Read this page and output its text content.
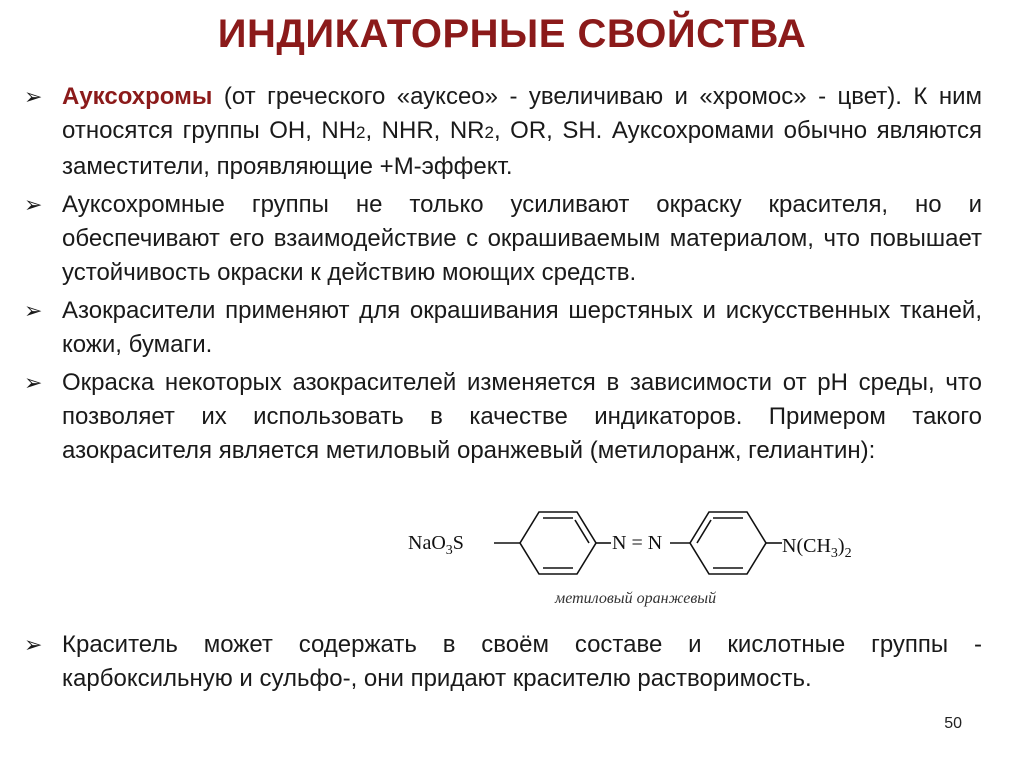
ИНДИКАТОРНЫЕ СВОЙСТВА
➢ Ауксохромы (от греческого «ауксео» - увеличиваю и «хромос» - цвет). К ним относятся группы OH, NH2, NHR, NR2, OR, SH. Ауксохромами обычно являются заместители, проявляющие +M-эффект.
➢ Ауксохромные группы не только усиливают окраску красителя, но и обеспечивают его взаимодействие с окрашиваемым материалом, что повышает устойчивость окраски к действию моющих средств.
➢ Азокрасители применяют для окрашивания шерстяных и искусственных тканей, кожи, бумаги.
➢ Окраска некоторых азокрасителей изменяется в зависимости от pH среды, что позволяет их использовать в качестве индикаторов. Примером такого азокрасителя является метиловый оранжевый (метилоранж, гелиантин):
NaO$_3$S	N = N	$N(CH_3)_2$
метиловый оранжевый
➢ Краситель может содержать в своём составе и кислотные группы - карбоксильную и сульфо-, они придают красителю растворимость.
50
